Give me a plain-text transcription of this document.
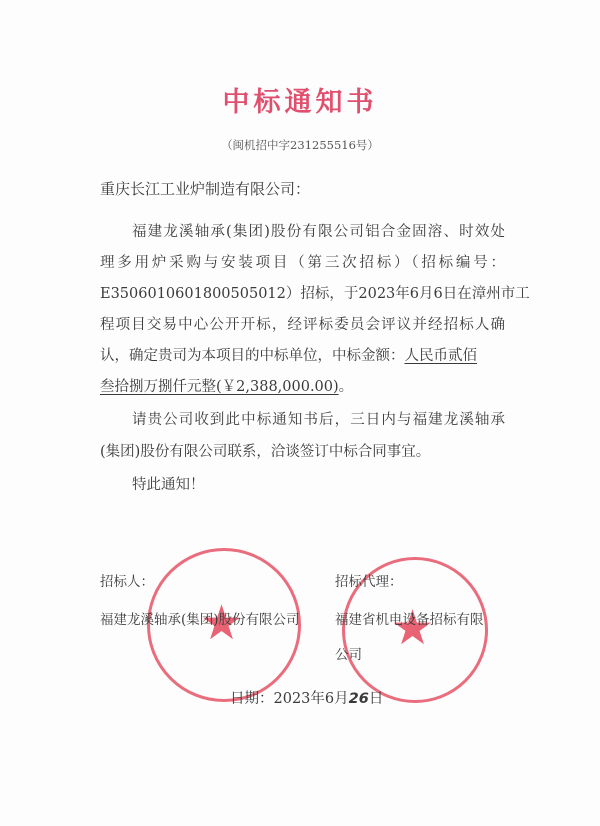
中标通知书
（闽机招中字231255516号）
重庆长江工业炉制造有限公司：
福建龙溪轴承(集团)股份有限公司铝合金固溶、时效处
理多用炉采购与安装项目（第三次招标）（招标编号：
E3506010601800505012）招标，于2023年6月6日在漳州市工
程项目交易中心公开开标，经评标委员会评议并经招标人确
认，确定贵司为本项目的中标单位，中标金额：人民币贰佰
叁拾捌万捌仟元整(￥2,388,000.00)。
请贵公司收到此中标通知书后，三日内与福建龙溪轴承
(集团)股份有限公司联系，洽谈签订中标合同事宜。
特此通知！
★	★
招标人：
福建龙溪轴承(集团)股份有限公司
招标代理：
福建省机电设备招标有限
公司
日期：2023年6月26日
